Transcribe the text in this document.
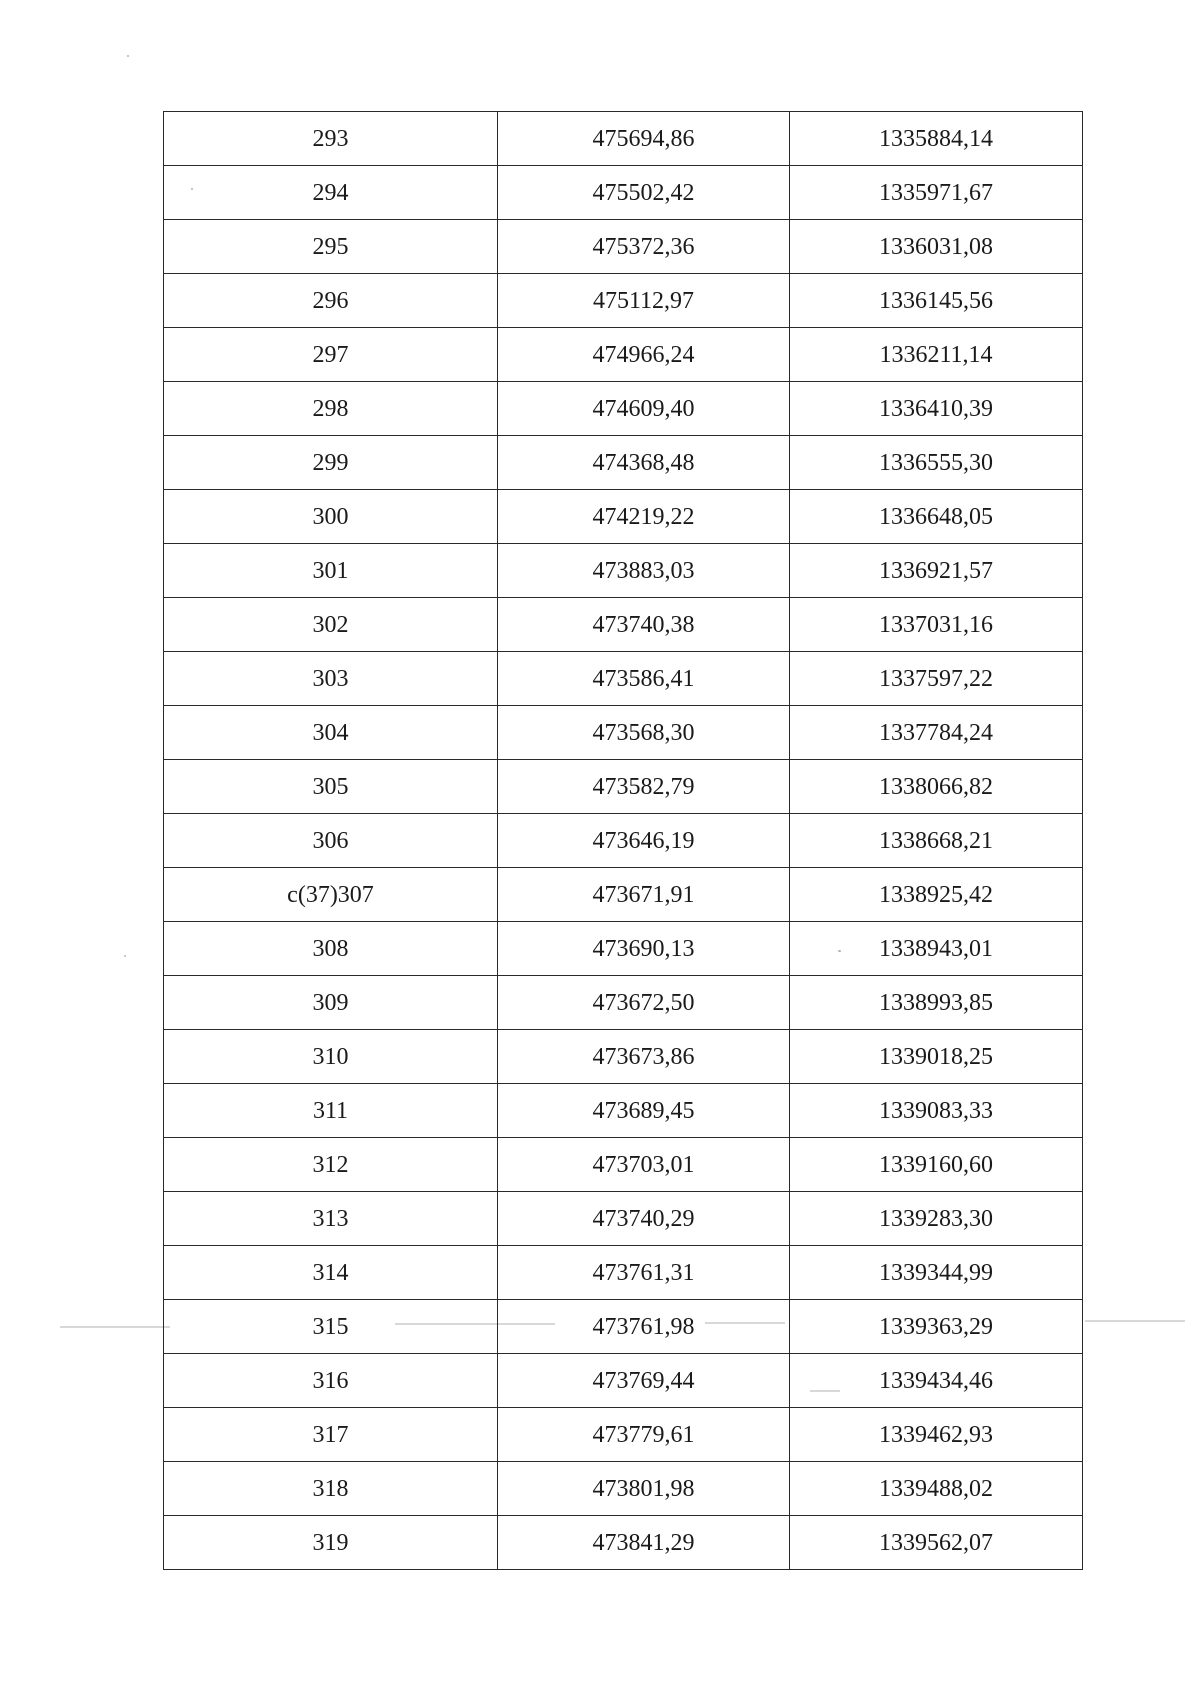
293	475694,86	1335884,14
294	475502,42	1335971,67
295	475372,36	1336031,08
296	475112,97	1336145,56
297	474966,24	1336211,14
298	474609,40	1336410,39
299	474368,48	1336555,30
300	474219,22	1336648,05
301	473883,03	1336921,57
302	473740,38	1337031,16
303	473586,41	1337597,22
304	473568,30	1337784,24
305	473582,79	1338066,82
306	473646,19	1338668,21
c(37)307	473671,91	1338925,42
308	473690,13	1338943,01
309	473672,50	1338993,85
310	473673,86	1339018,25
311	473689,45	1339083,33
312	473703,01	1339160,60
313	473740,29	1339283,30
314	473761,31	1339344,99
315	473761,98	1339363,29
316	473769,44	1339434,46
317	473779,61	1339462,93
318	473801,98	1339488,02
319	473841,29	1339562,07
